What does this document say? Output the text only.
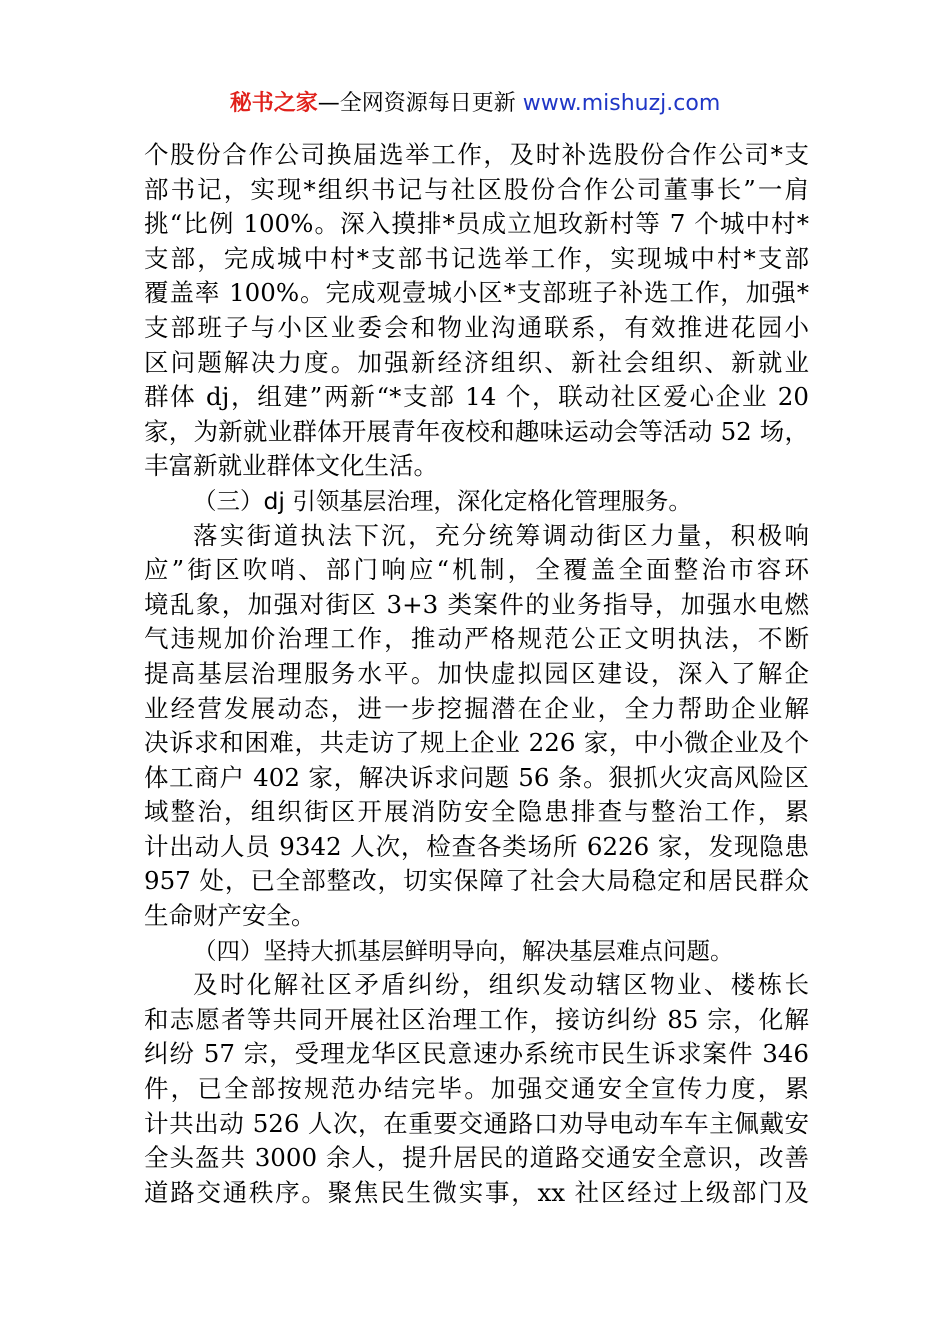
秘书之家—全网资源每日更新 www.mishuzj.com
个股份合作公司换届选举工作，及时补选股份合作公司*支
部书记，实现*组织书记与社区股份合作公司董事长”一肩
挑“比例 100%。深入摸排*员成立旭玫新村等 7 个城中村*
支部，完成城中村*支部书记选举工作，实现城中村*支部
覆盖率 100%。完成观壹城小区*支部班子补选工作，加强*
支部班子与小区业委会和物业沟通联系，有效推进花园小
区问题解决力度。加强新经济组织、新社会组织、新就业
群体 dj，组建”两新“*支部 14 个，联动社区爱心企业 20
家，为新就业群体开展青年夜校和趣味运动会等活动 52 场，
丰富新就业群体文化生活。
（三）dj 引领基层治理，深化定格化管理服务。
落实街道执法下沉，充分统筹调动街区力量，积极响
应”街区吹哨、部门响应“机制，全覆盖全面整治市容环
境乱象，加强对街区 3+3 类案件的业务指导，加强水电燃
气违规加价治理工作，推动严格规范公正文明执法，不断
提高基层治理服务水平。加快虚拟园区建设，深入了解企
业经营发展动态，进一步挖掘潜在企业，全力帮助企业解
决诉求和困难，共走访了规上企业 226 家，中小微企业及个
体工商户 402 家，解决诉求问题 56 条。狠抓火灾高风险区
域整治，组织街区开展消防安全隐患排查与整治工作，累
计出动人员 9342 人次，检查各类场所 6226 家，发现隐患
957 处，已全部整改，切实保障了社会大局稳定和居民群众
生命财产安全。
（四）坚持大抓基层鲜明导向，解决基层难点问题。
及时化解社区矛盾纠纷，组织发动辖区物业、楼栋长
和志愿者等共同开展社区治理工作，接访纠纷 85 宗，化解
纠纷 57 宗，受理龙华区民意速办系统市民生诉求案件 346
件，已全部按规范办结完毕。加强交通安全宣传力度，累
计共出动 526 人次，在重要交通路口劝导电动车车主佩戴安
全头盔共 3000 余人，提升居民的道路交通安全意识，改善
道路交通秩序。聚焦民生微实事，xx 社区经过上级部门及
